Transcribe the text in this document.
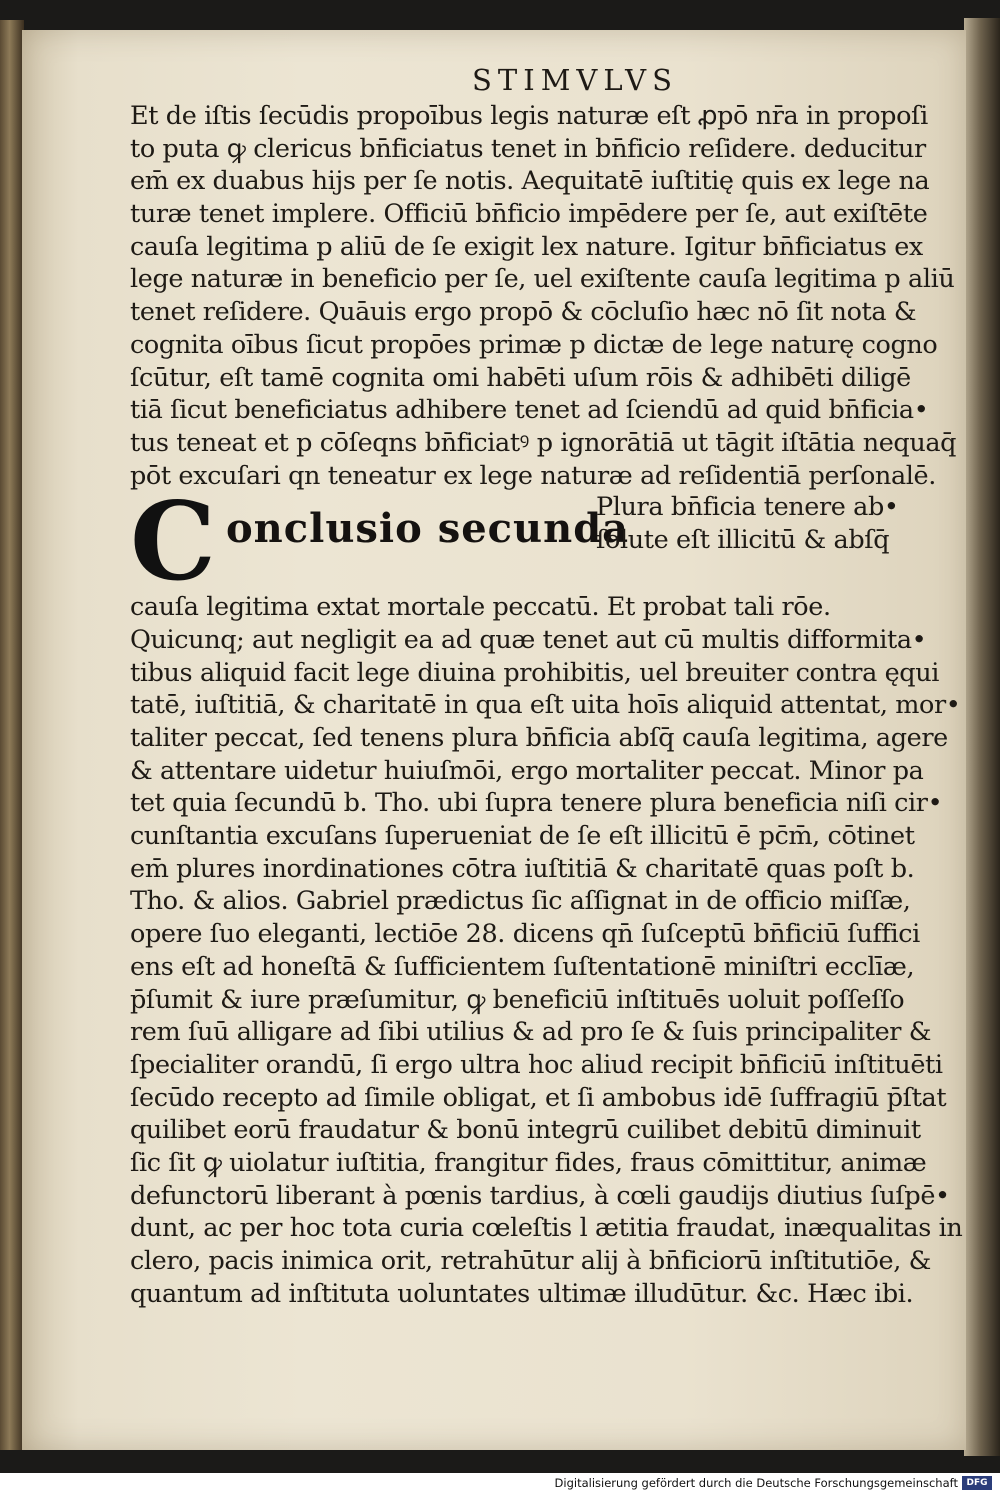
STIMVLVS
Et de iſtis ſecūdis propoībus legis naturæ eſt ꝓpō nr̄a in propoſi
to puta ꝙ clericus bn̄ficiatus tenet in bn̄ficio reſidere. deducitur
em̄ ex duabus hijs per ſe notis. Aequitatē iuſtitię quis ex lege na
turæ tenet implere. Officiū bn̄ficio impēdere per ſe, aut exiſtēte
cauſa legitima p aliū de ſe exigit lex nature. Igitur bn̄ficiatus ex
lege naturæ in beneficio per ſe, uel exiſtente cauſa legitima p aliū
tenet reſidere. Quāuis ergo propō & cōcluſio hæc nō ſit nota &
cognita oībus ſicut propōes primæ p dictæ de lege naturę cogno
ſcūtur, eſt tamē cognita omi habēti uſum rōis & adhibēti diligē
tiā ſicut beneficiatus adhibere tenet ad ſciendū ad quid bn̄ficia•
tus teneat et p cōſeqns bn̄ficiatꝰ p ignorātiā ut tāgit iſtātia nequaq̄
pōt excuſari qn teneatur ex lege naturæ ad reſidentiā perſonalē.
C onclusio secunda
Plura bn̄ficia tenere ab•
ſolute eſt illicitū & abſq̄
cauſa legitima extat mortale peccatū. Et probat tali rōe.
Quicunq; aut negligit ea ad quæ tenet aut cū multis difformita•
tibus aliquid facit lege diuina prohibitis, uel breuiter contra ęqui
tatē, iuſtitiā, & charitatē in qua eſt uita hoīs aliquid attentat, mor•
taliter peccat, ſed tenens plura bn̄ficia abſq̄ cauſa legitima, agere
& attentare uidetur huiuſmōi, ergo mortaliter peccat. Minor pa
tet quia ſecundū b. Tho. ubi ſupra tenere plura beneficia niſi cir•
cunſtantia excuſans ſuperueniat de ſe eſt illicitū ē pc̄m̄, cōtinet
em̄ plures inordinationes cōtra iuſtitiā & charitatē quas poſt b.
Tho. & alios. Gabriel prædictus ſic aſſignat in de officio miſſæ,
opere ſuo eleganti, lectiōe 28. dicens qn̄ ſuſceptū bn̄ficiū ſuffici
ens eſt ad honeſtā & ſufficientem ſuſtentationē miniſtri ecclīæ,
p̄ſumit & iure præſumitur, ꝙ beneficiū inſtituēs uoluit poſſeſſo
rem ſuū alligare ad ſibi utilius & ad pro ſe & ſuis principaliter &
ſpecialiter orandū, ſi ergo ultra hoc aliud recipit bn̄ficiū inſtituēti
ſecūdo recepto ad ſimile obligat, et ſi ambobus idē ſuffragiū p̄ſtat
quilibet eorū fraudatur & bonū integrū cuilibet debitū diminuit
ſic ſit ꝙ uiolatur iuſtitia, frangitur fides, fraus cōmittitur, animæ
defunctorū liberant à pœnis tardius, à cœli gaudijs diutius ſuſpē•
dunt, ac per hoc tota curia cœleſtis l ætitia fraudat, inæqualitas in
clero, pacis inimica orit, retrahūtur alij à bn̄ficiorū inſtitutiōe, &
quantum ad inſtituta uoluntates ultimæ illudūtur. &c. Hæc ibi.
Digitalisierung gefördert durch die Deutsche Forschungsgemeinschaft DFG
